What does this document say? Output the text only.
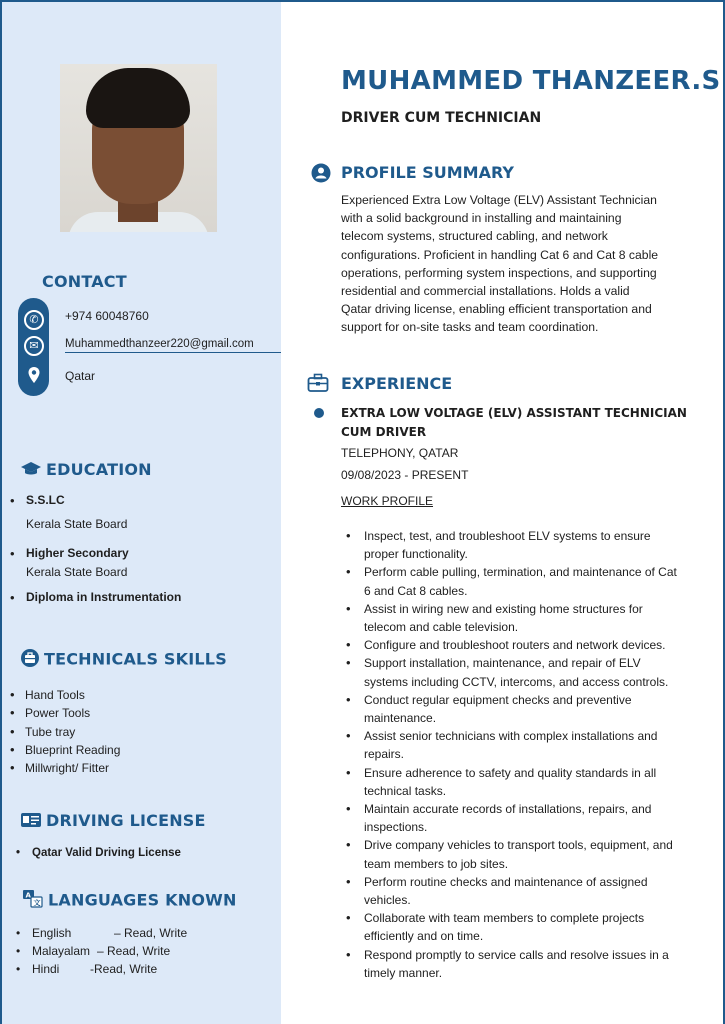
CONTACT
✆
✉
+974 60048760
Muhammedthanzeer220@gmail.com
Qatar
EDUCATION
• S.S.LC
Kerala State Board
• Higher Secondary
Kerala State Board
• Diploma in Instrumentation
TECHNICALS SKILLS
• Hand Tools
• Power Tools
• Tube tray
• Blueprint Reading
• Millwright/ Fitter
DRIVING LICENSE
• Qatar Valid Driving License
A
文 LANGUAGES KNOWN
• English	– Read, Write
• Malayalam – Read, Write
• Hindi	-Read, Write
MUHAMMED THANZEER.S
DRIVER CUM TECHNICIAN
PROFILE SUMMARY
Experienced Extra Low Voltage (ELV) Assistant Technician
with a solid background in installing and maintaining
telecom systems, structured cabling, and network
configurations. Proficient in handling Cat 6 and Cat 8 cable
operations, performing system inspections, and supporting
residential and commercial installations. Holds a valid
Qatar driving license, enabling efficient transportation and
support for on-site tasks and team coordination.
EXPERIENCE
EXTRA LOW VOLTAGE (ELV) ASSISTANT TECHNICIAN
CUM DRIVER
TELEPHONY, QATAR
09/08/2023 - PRESENT
WORK PROFILE
• Inspect, test, and troubleshoot ELV systems to ensure
proper functionality.
• Perform cable pulling, termination, and maintenance of Cat
6 and Cat 8 cables.
• Assist in wiring new and existing home structures for
telecom and cable television.
• Configure and troubleshoot routers and network devices.
• Support installation, maintenance, and repair of ELV
systems including CCTV, intercoms, and access controls.
• Conduct regular equipment checks and preventive
maintenance.
• Assist senior technicians with complex installations and
repairs.
• Ensure adherence to safety and quality standards in all
technical tasks.
• Maintain accurate records of installations, repairs, and
inspections.
• Drive company vehicles to transport tools, equipment, and
team members to job sites.
• Perform routine checks and maintenance of assigned
vehicles.
• Collaborate with team members to complete projects
efficiently and on time.
• Respond promptly to service calls and resolve issues in a
timely manner.
